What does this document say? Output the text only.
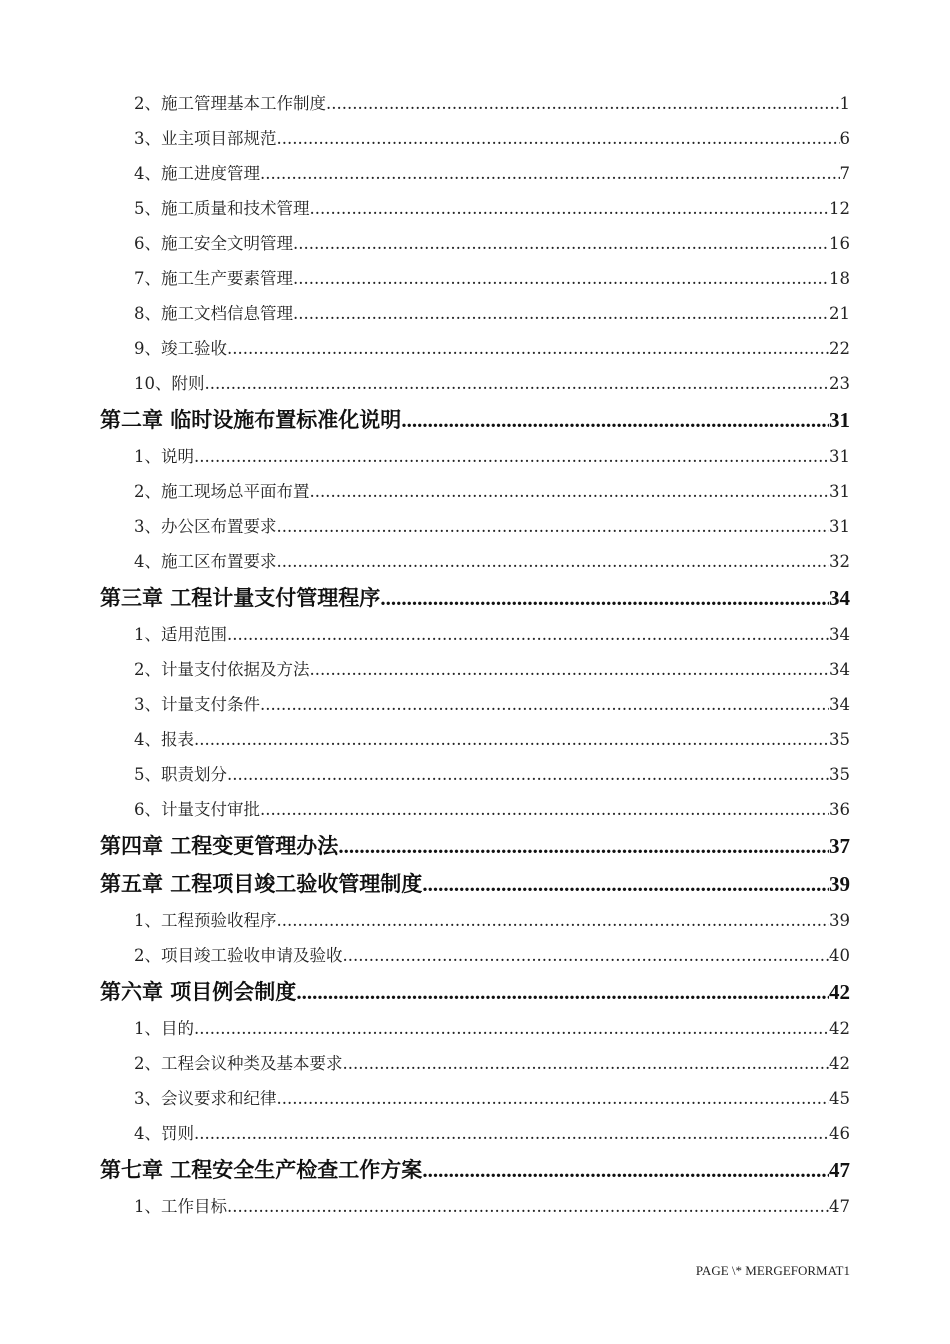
2、施工管理基本工作制度 .....	1
3、业主项目部规范 .....	6
4、施工进度管理 .....	7
5、施工质量和技术管理 .....	12
6、施工安全文明管理 .....	16
7、施工生产要素管理 .....	18
8、施工文档信息管理 .....	21
9、竣工验收 .....	22
10、附则 .....	23
第二章 临时设施布置标准化说明 .....	31
1、说明 .....	31
2、施工现场总平面布置 .....	31
3、办公区布置要求 .....	31
4、施工区布置要求 .....	32
第三章 工程计量支付管理程序 .....	34
1、适用范围 .....	34
2、计量支付依据及方法 .....	34
3、计量支付条件 .....	34
4、报表 .....	35
5、职责划分 .....	35
6、计量支付审批 .....	36
第四章 工程变更管理办法 .....	37
第五章 工程项目竣工验收管理制度 .....	39
1、工程预验收程序 .....	39
2、项目竣工验收申请及验收 .....	40
第六章 项目例会制度 .....	42
1、目的 .....	42
2、工程会议种类及基本要求 .....	42
3、会议要求和纪律 .....	45
4、罚则 .....	46
第七章 工程安全生产检查工作方案 .....	47
1、工作目标 .....	47
PAGE \* MERGEFORMAT1
